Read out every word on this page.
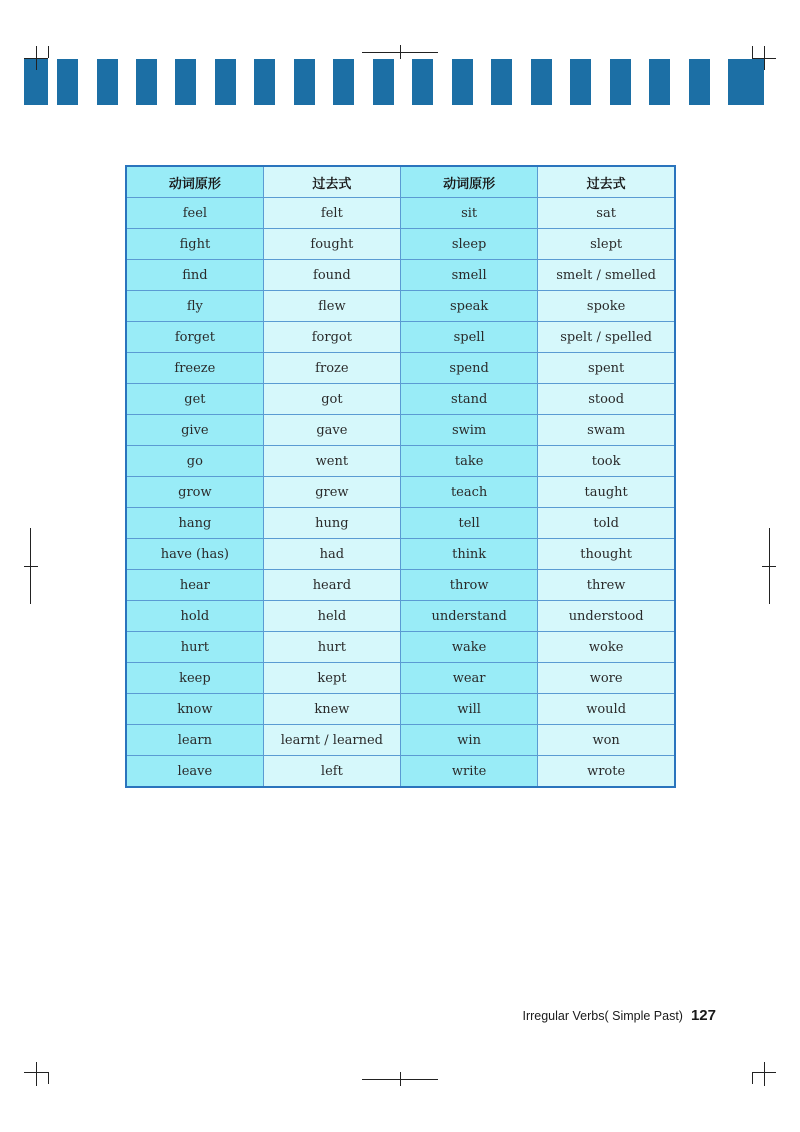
动词原形	过去式	动词原形	过去式
feel	felt	sit	sat
fight	fought	sleep	slept
find	found	smell	smelt / smelled
fly	flew	speak	spoke
forget	forgot	spell	spelt / spelled
freeze	froze	spend	spent
get	got	stand	stood
give	gave	swim	swam
go	went	take	took
grow	grew	teach	taught
hang	hung	tell	told
have (has)	had	think	thought
hear	heard	throw	threw
hold	held	understand	understood
hurt	hurt	wake	woke
keep	kept	wear	wore
know	knew	will	would
learn	learnt / learned	win	won
leave	left	write	wrote
Irregular Verbs( Simple Past) 127
